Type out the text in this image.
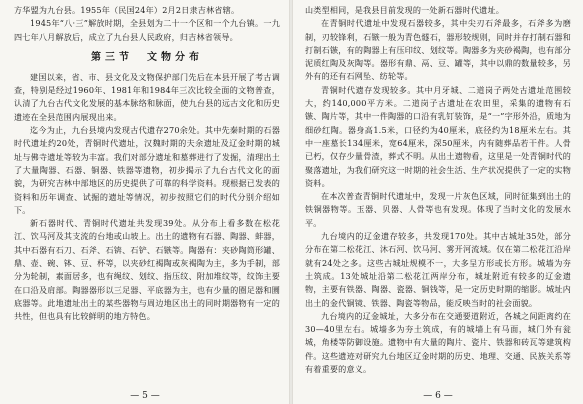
方华盟为九台县。1955年（民国24年）2月2日隶吉林省辖。

1945年“八·三”解放时期，全县划为二十一个区和一个九台镇。一九四七年八月解放后，成立了九台县人民政府，归吉林省领导。

第三节　文物分布

建国以来，省、市、县文化及文物保护部门先后在本县开展了考古调查，特别是经过1960年、1981年和1984年三次比较全面的文物普查，认清了九台古代文化发展的基本脉络和脉面，使九台县的远古文化和历史遗迹在全县范围内展现出来。

迄今为止，九台县境内发现古代遗存270余处。其中先秦时期的石器时代遗址约20处，青铜时代遗址，汉魏时期的夫余遗址及辽金时期的城址与佛寺遗址等较为丰富。我们对部分遗址和墓葬进行了发掘，清理出土了大量陶器、石器、铜器、铁器等遗物，初步揭示了九台古代文化的面貌，为研究吉林中部地区的历史提供了可靠的科学资料。现根据已发表的资料和历年调查、试掘的遗址等情况，初步按照它们的时代分别介绍如下。

新石器时代、青铜时代遗址共发现39处。从分布上看多数在松花江、饮马河及其支流的台地或山坡上。出土的遗物有石器、陶器、蚌器，其中石器有石刀、石斧、石锛、石铲、石镞等。陶器有：夹砂陶筒形罐、鼎、壶、碗、钵、豆、杯等，以夹砂红褐陶或灰褐陶为主，多为手制，部分为轮制，素面居多，也有绳纹、划纹、指压纹、附加堆纹等，纹饰主要在口沿及肩部。陶器器形以三足器、平底器为主，也有少量的圈足器和圜底器等。此地遗址出土的某些器物与周边地区出土的同时期器物有一定的共性，但也具有比较鲜明的地方特色。

— 5 —

山类型相同，是我县目前发现的一处新石器时代遗址。

在青铜时代遗址中发现石器较多，其中尖刃石斧最多，石斧多为磨制，刃较锋利，石镞一般为青色燧石，器形较规则，同时并存打制石器和打制石镞，有的陶器上有压印纹、划纹等。陶器多为夹砂褐陶，也有部分泥质红陶及灰陶等。器形有鼎、鬲、豆、罐等，其中以鼎的数量较多，另外有的还有石网坠、纺轮等。

青铜时代遗存发现较多。其中月牙城、二道岗子两处古遗址范围较大，约140,000平方米。二道岗子古遗址在农田里，采集的遗物有石镞、陶片等，其中一件陶器的口沿有乳钉装饰，是“一”字形外沿，质地为细砂红陶。器身高1.5米，口径约为40厘米，底径约为18厘米左右。其中一座墓长134厘米，宽64厘米，深50厘米，内有随葬品若干件。人骨已朽，仅存少量骨渣，葬式不明。从出土遗物看，这里是一处青铜时代的聚落遗址，为我们研究这一时期的社会生活、生产状况提供了一定的实物资料。

在本次普查青铜时代遗址中，发现一片灰色区域，同时征集到出土的铁铜器物等。玉器、贝器、人骨等也有发现。体现了当时文化的发展水平。

九台境内的辽金遗存较多，共发现170处。其中古城址35处，部分分布在第二松花江、沐石河、饮马河、雾开河流域。仅在第二松花江沿岸就有24处之多。这些古城址规模不一，大多呈方形或长方形。城墙为夯土筑成。13处城址沿第二松花江两岸分布，城址附近有较多的辽金遗物，主要有铁器、陶器、瓷器、铜钱等，是一定历史时期的缩影。城址内出土的金代铜镜、铁器、陶瓷等物品，能反映当时的社会面貌。

九台境内的辽金城址，大多分布在交通要道附近，各城之间距离约在30—40里左右。城墙多为夯土筑成，有的城墙上有马面，城门外有瓮城，角楼等防御设施。遗物中有大量的陶片、瓷片、铁器和砖瓦等建筑构件。这些遗迹对研究九台地区辽金时期的历史、地理、交通、民族关系等有着重要的意义。

— 6 —
